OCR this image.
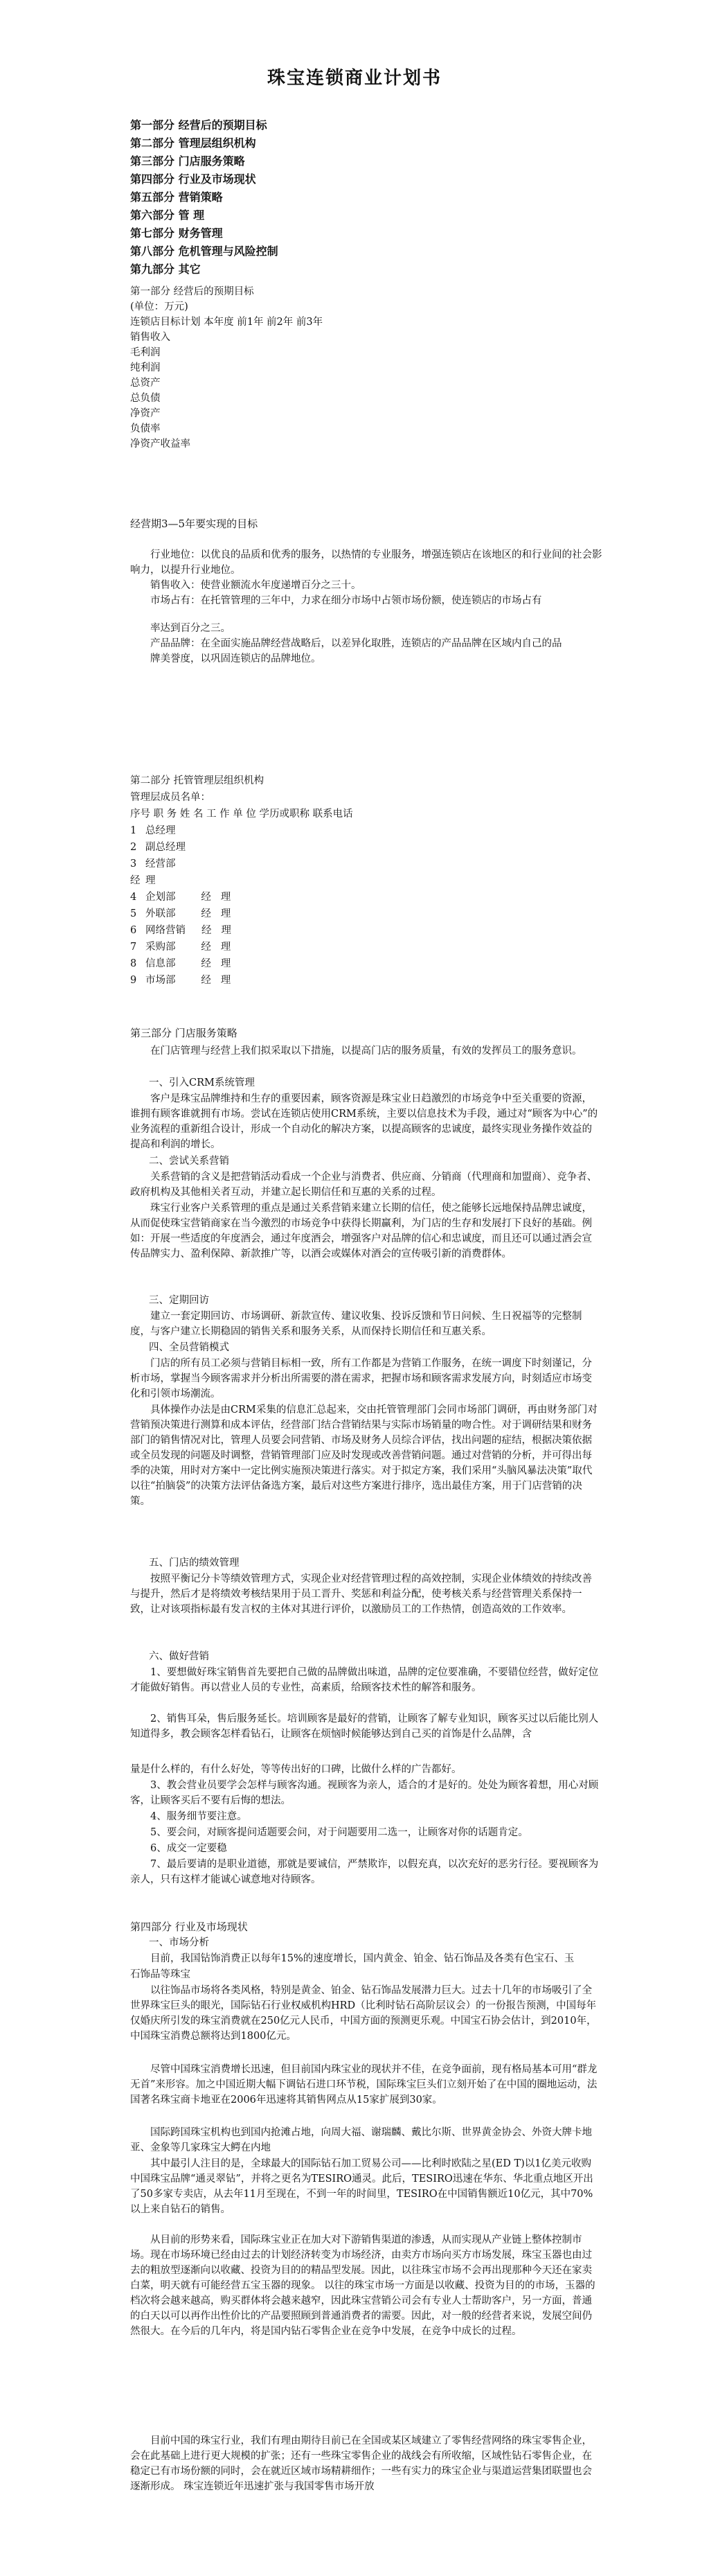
珠宝连锁商业计划书
第一部分 经营后的预期目标
第二部分 管理层组织机构
第三部分 门店服务策略
第四部分 行业及市场现状
第五部分 营销策略
第六部分 管 理
第七部分 财务管理
第八部分 危机管理与风险控制
第九部分 其它
第一部分 经营后的预期目标
(单位：万元)
连锁店目标计划 本年度 前1年 前2年 前3年
销售收入
毛利润
纯利润
总资产
总负债
净资产
负债率
净资产收益率
经营期3—5年要实现的目标
行业地位：以优良的品质和优秀的服务，以热情的专业服务，增强连锁店在该地区的和行业间的社会影响力，以提升行业地位。
销售收入：使营业额流水年度递增百分之三十。
市场占有：在托管管理的三年中，力求在细分市场中占领市场份额，使连锁店的市场占有
率达到百分之三。
产品品牌：在全面实施品牌经营战略后，以差异化取胜，连锁店的产品品牌在区域内自己的品
牌美誉度，以巩固连锁店的品牌地位。
第二部分 托管管理层组织机构
管理层成员名单：
序号 职 务 姓 名 工 作 单 位 学历或职称 联系电话
1 总经理
2 副总经理
3 经营部
经 理
4 企划部        经   理
5 外联部        经   理
6 网络营销     经   理
7 采购部        经   理
8 信息部        经   理
9 市场部        经   理
第三部分 门店服务策略
在门店管理与经营上我们拟采取以下措施，以提高门店的服务质量，有效的发挥员工的服务意识。
一、引入CRM系统管理
客户是珠宝品牌维持和生存的重要因素，顾客资源是珠宝业日趋激烈的市场竞争中至关重要的资源，谁拥有顾客谁就拥有市场。尝试在连锁店使用CRM系统，主要以信息技术为手段，通过对“顾客为中心”的业务流程的重新组合设计，形成一个自动化的解决方案，以提高顾客的忠诚度，最终实现业务操作效益的提高和利润的增长。
二、尝试关系营销
关系营销的含义是把营销活动看成一个企业与消费者、供应商、分销商（代理商和加盟商）、竞争者、政府机构及其他相关者互动，并建立起长期信任和互惠的关系的过程。
珠宝行业客户关系管理的重点是通过关系营销来建立长期的信任，使之能够长远地保持品牌忠诚度，从而促使珠宝营销商家在当今激烈的市场竞争中获得长期赢利，为门店的生存和发展打下良好的基础。例如：开展一些适度的年度酒会，通过年度酒会，增强客户对品牌的信心和忠诚度，而且还可以通过酒会宣传品牌实力、盈利保障、新款推广等，以酒会或媒体对酒会的宣传吸引新的消费群体。
三、定期回访
建立一套定期回访、市场调研、新款宣传、建议收集、投诉反馈和节日问候、生日祝福等的完整制度，与客户建立长期稳固的销售关系和服务关系，从而保持长期信任和互惠关系。
四、全员营销模式
门店的所有员工必须与营销目标相一致，所有工作都是为营销工作服务，在统一调度下时刻谨记，分析市场，掌握当今顾客需求并分析出所需要的潜在需求，把握市场和顾客需求发展方向，时刻适应市场变化和引领市场潮流。
具体操作办法是由CRM采集的信息汇总起来，交由托管管理部门会同市场部门调研，再由财务部门对营销预决策进行测算和成本评估，经营部门结合营销结果与实际市场销量的吻合性。对于调研结果和财务部门的销售情况对比，管理人员要会同营销、市场及财务人员综合评估，找出问题的症结，根据决策依据或全员发现的问题及时调整，营销管理部门应及时发现或改善营销问题。通过对营销的分析，并可得出每季的决策，用时对方案中一定比例实施预决策进行落实。对于拟定方案，我们采用“头脑风暴法决策”取代以往“拍脑袋”的决策方法评估备选方案，最后对这些方案进行排序，选出最佳方案，用于门店营销的决策。
五、门店的绩效管理
按照平衡记分卡等绩效管理方式，实现企业对经营管理过程的高效控制，实现企业体绩效的持续改善与提升，然后才是将绩效考核结果用于员工晋升、奖惩和利益分配，使考核关系与经营管理关系保持一致，让对该项指标最有发言权的主体对其进行评价，以激励员工的工作热情，创造高效的工作效率。
六、做好营销
1、要想做好珠宝销售首先要把自己做的品牌做出味道，品牌的定位要准确，不要错位经营，做好定位才能做好销售。再以营业人员的专业性，高素质，给顾客技术性的解答和服务。
2、销售耳朵，售后服务延长。培训顾客是最好的营销，让顾客了解专业知识，顾客买过以后能比别人知道得多，教会顾客怎样看钻石，让顾客在烦恼时候能够达到自己买的首饰是什么品牌，含
量是什么样的，有什么好处，等等传出好的口碑，比做什么样的广告都好。
3、教会营业员要学会怎样与顾客沟通。视顾客为亲人，适合的才是好的。处处为顾客着想，用心对顾客，让顾客买后不要有后悔的想法。
4、服务细节要注意。
5、要会问，对顾客提问适题要会问，对于问题要用二选一，让顾客对你的话题肯定。
6、成交一定要稳
7、最后要请的是职业道德，那就是要诚信，严禁欺诈，以假充真，以次充好的恶劣行径。要视顾客为亲人，只有这样才能诚心诚意地对待顾客。
第四部分 行业及市场现状
一、市场分析
目前，我国钻饰消费正以每年15%的速度增长，国内黄金、铂金、钻石饰品及各类有色宝石、玉
石饰品等珠宝
以往饰品市场将各类风格，特别是黄金、铂金、钻石饰品发展潜力巨大。过去十几年的市场吸引了全世界珠宝巨头的眼光，国际钻石行业权威机构HRD（比利时钻石高阶层议会）的一份报告预测，中国每年仅婚庆所引发的珠宝消费就在250亿元人民币，中国方面的预测更乐观。中国宝石协会估计，到2010年，中国珠宝消费总额将达到1800亿元。
尽管中国珠宝消费增长迅速，但目前国内珠宝业的现状并不佳，在竞争面前，现有格局基本可用“群龙无首”来形容。加之中国近期大幅下调钻石进口环节税，国际珠宝巨头们立刻开始了在中国的圈地运动，法国著名珠宝商卡地亚在2006年迅速将其销售网点从15家扩展到30家。
国际跨国珠宝机构也到国内抢滩占地，向周大福、谢瑞麟、戴比尔斯、世界黄金协会、外资大牌卡地亚、金象等几家珠宝大鳄在内地
其中最引人注目的是，全球最大的国际钻石加工贸易公司——比利时欧陆之星(ED T)以1亿美元收购中国珠宝品牌“通灵翠钻”，并将之更名为TESIRO通灵。此后，TESIRO迅速在华东、华北重点地区开出了50多家专卖店，从去年11月至现在，不到一年的时间里，TESIRO在中国销售额近10亿元，其中70%以上来自钻石的销售。
从目前的形势来看，国际珠宝业正在加大对下游销售渠道的渗透，从而实现从产业链上整体控制市场。现在市场环境已经由过去的计划经济转变为市场经济，由卖方市场向买方市场发展，珠宝玉器也由过去的粗放型逐渐向以收藏、投资为目的的精品型发展。因此，以往珠宝市场不会再出现那种今天还在家卖白菜，明天就有可能经营五宝玉器的现象。 以往的珠宝市场一方面是以收藏、投资为目的的市场，玉器的档次将会越来越高，购买群体将会越来越窄，因此珠宝营销公司会有专业人士帮助客户，另一方面，普通的白天以可以再作出性价比的产品要照顾到普通消费者的需要。因此，对一般的经营者来说，发展空间仍然很大。在今后的几年内，将是国内钻石零售企业在竞争中发展，在竞争中成长的过程。
目前中国的珠宝行业，我们有理由期待目前已在全国或某区域建立了零售经营网络的珠宝零售企业，会在此基础上进行更大规模的扩张；还有一些珠宝零售企业的战线会有所收缩，区域性钻石零售企业，在稳定已有市场份额的同时，会在就近区域市场精耕细作；一些有实力的珠宝企业与渠道运营集团联盟也会逐渐形成。 珠宝连锁近年迅速扩张与我国零售市场开放
